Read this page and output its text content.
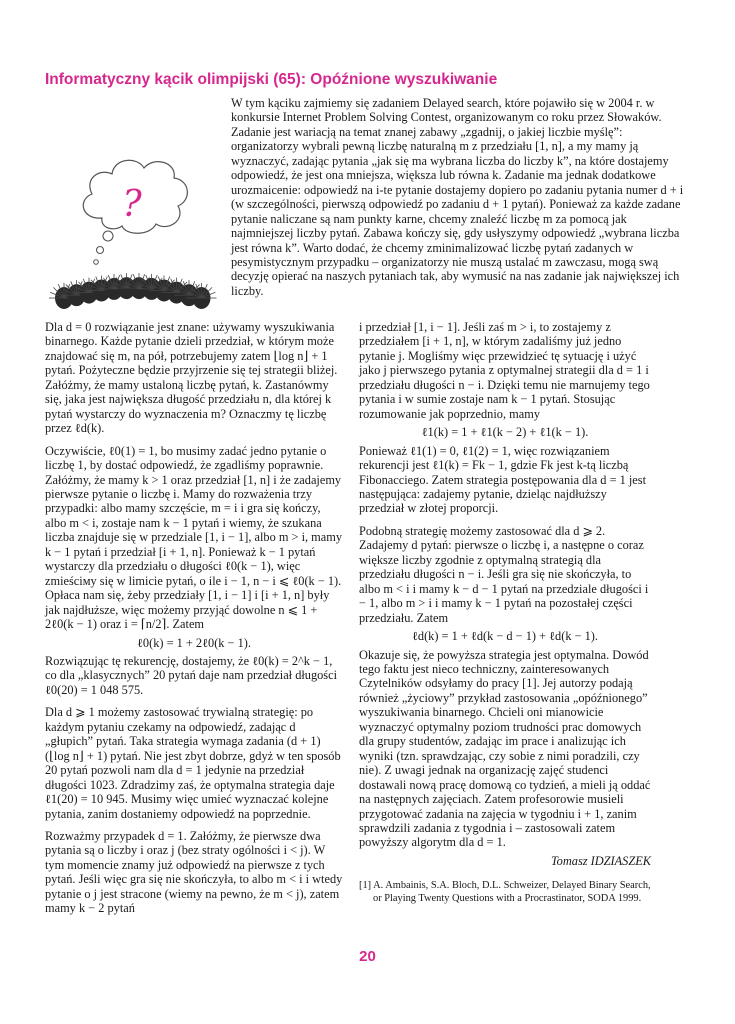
Informatyczny kącik olimpijski (65): Opóźnione wyszukiwanie
?

W tym kąciku zajmiemy się zadaniem Delayed search, które pojawiło się w 2004 r. w konkursie Internet Problem Solving Contest, organizowanym co roku przez Słowaków. Zadanie jest wariacją na temat znanej zabawy „zgadnij, o jakiej liczbie myślę”: organizatorzy wybrali pewną liczbę naturalną m z przedziału [1, n], a my mamy ją wyznaczyć, zadając pytania „jak się ma wybrana liczba do liczby k”, na które dostajemy odpowiedź, że jest ona mniejsza, większa lub równa k. Zadanie ma jednak dodatkowe urozmaicenie: odpowiedź na i-te pytanie dostajemy dopiero po zadaniu pytania numer d + i (w szczególności, pierwszą odpowiedź po zadaniu d + 1 pytań). Ponieważ za każde zadane pytanie naliczane są nam punkty karne, chcemy znaleźć liczbę m za pomocą jak najmniejszej liczby pytań. Zabawa kończy się, gdy usłyszymy odpowiedź „wybrana liczba jest równa k”. Warto dodać, że chcemy zminimalizować liczbę pytań zadanych w pesymistycznym przypadku – organizatorzy nie muszą ustalać m zawczasu, mogą swą decyzję opierać na naszych pytaniach tak, aby wymusić na nas zadanie jak największej ich liczby.

Dla d = 0 rozwiązanie jest znane: używamy wyszukiwania binarnego. Każde pytanie dzieli przedział, w którym może znajdować się m, na pół, potrzebujemy zatem ⌊log n⌋ + 1 pytań. Pożyteczne będzie przyjrzenie się tej strategii bliżej. Załóżmy, że mamy ustaloną liczbę pytań, k. Zastanówmy się, jaka jest największa długość przedziału n, dla której k pytań wystarczy do wyznaczenia m? Oznaczmy tę liczbę przez ℓd(k).

Oczywiście, ℓ0(1) = 1, bo musimy zadać jedno pytanie o liczbę 1, by dostać odpowiedź, że zgadliśmy poprawnie. Załóżmy, że mamy k > 1 oraz przedział [1, n] i że zadajemy pierwsze pytanie o liczbę i. Mamy do rozważenia trzy przypadki: albo mamy szczęście, m = i i gra się kończy, albo m < i, zostaje nam k − 1 pytań i wiemy, że szukana liczba znajduje się w przedziale [1, i − 1], albo m > i, mamy k − 1 pytań i przedział [i + 1, n]. Ponieważ k − 1 pytań wystarczy dla przedziału o długości ℓ0(k − 1), więc zmieściмy się w limicie pytań, o ile i − 1, n − i ⩽ ℓ0(k − 1). Opłaca nam się, żeby przedziały [1, i − 1] i [i + 1, n] były jak najdłuższe, więc możemy przyjąć dowolne n ⩽ 1 + 2ℓ0(k − 1) oraz i = ⌈n/2⌉. Zatem

ℓ0(k) = 1 + 2ℓ0(k − 1).

Rozwiązując tę rekurencję, dostajemy, że ℓ0(k) = 2^k − 1, co dla „klasycznych” 20 pytań daje nam przedział długości ℓ0(20) = 1 048 575.

Dla d ⩾ 1 możemy zastosować trywialną strategię: po każdym pytaniu czekamy na odpowiedź, zadając d „głupich” pytań. Taka strategia wymaga zadania (d + 1)(⌊log n⌋ + 1) pytań. Nie jest zbyt dobrze, gdyż w ten sposób 20 pytań pozwoli nam dla d = 1 jedynie na przedział długości 1023. Zdradzimy zaś, że optymalna strategia daje ℓ1(20) = 10 945. Musimy więc umieć wyznaczać kolejne pytania, zanim dostaniemy odpowiedź na poprzednie.

Rozważmy przypadek d = 1. Załóżmy, że pierwsze dwa pytania są o liczby i oraz j (bez straty ogólności i < j). W tym momencie znamy już odpowiedź na pierwsze z tych pytań. Jeśli więc gra się nie skończyła, to albo m < i i wtedy pytanie o j jest stracone (wiemy na pewno, że m < j), zatem mamy k − 2 pytań

i przedział [1, i − 1]. Jeśli zaś m > i, to zostajemy z przedziałem [i + 1, n], w którym zadaliśmy już jedno pytanie j. Mogliśmy więc przewidzieć tę sytuację i użyć jako j pierwszego pytania z optymalnej strategii dla d = 1 i przedziału długości n − i. Dzięki temu nie marnujemy tego pytania i w sumie zostaje nam k − 1 pytań. Stosując rozumowanie jak poprzednio, mamy

ℓ1(k) = 1 + ℓ1(k − 2) + ℓ1(k − 1).

Ponieważ ℓ1(1) = 0, ℓ1(2) = 1, więc rozwiązaniem rekurencji jest ℓ1(k) = Fk − 1, gdzie Fk jest k-tą liczbą Fibonacciego. Zatem strategia postępowania dla d = 1 jest następująca: zadajemy pytanie, dzieląc najdłuższy przedział w złotej proporcji.

Podobną strategię możemy zastosować dla d ⩾ 2. Zadajemy d pytań: pierwsze o liczbę i, a następne o coraz większe liczby zgodnie z optymalną strategią dla przedziału długości n − i. Jeśli gra się nie skończyła, to albo m < i i mamy k − d − 1 pytań na przedziale długości i − 1, albo m > i i mamy k − 1 pytań na pozostałej części przedziału. Zatem

ℓd(k) = 1 + ℓd(k − d − 1) + ℓd(k − 1).

Okazuje się, że powyższa strategia jest optymalna. Dowód tego faktu jest nieco techniczny, zainteresowanych Czytelników odsyłamy do pracy [1]. Jej autorzy podają również „życiowy” przykład zastosowania „opóźnionego” wyszukiwania binarnego. Chcieli oni mianowicie wyznaczyć optymalny poziom trudności prac domowych dla grupy studentów, zadając im prace i analizując ich wyniki (tzn. sprawdzając, czy sobie z nimi poradzili, czy nie). Z uwagi jednak na organizację zajęć studenci dostawali nową pracę domową co tydzień, a mieli ją oddać na następnych zajęciach. Zatem profesorowie musieli przygotować zadania na zajęcia w tygodniu i + 1, zanim sprawdzili zadania z tygodnia i – zastosowali zatem powyższy algorytm dla d = 1.

Tomasz IDZIASZEK
[1] A. Ambainis, S.A. Bloch, D.L. Schweizer, Delayed Binary Search, or Playing Twenty Questions with a Procrastinator, SODA 1999.
20
